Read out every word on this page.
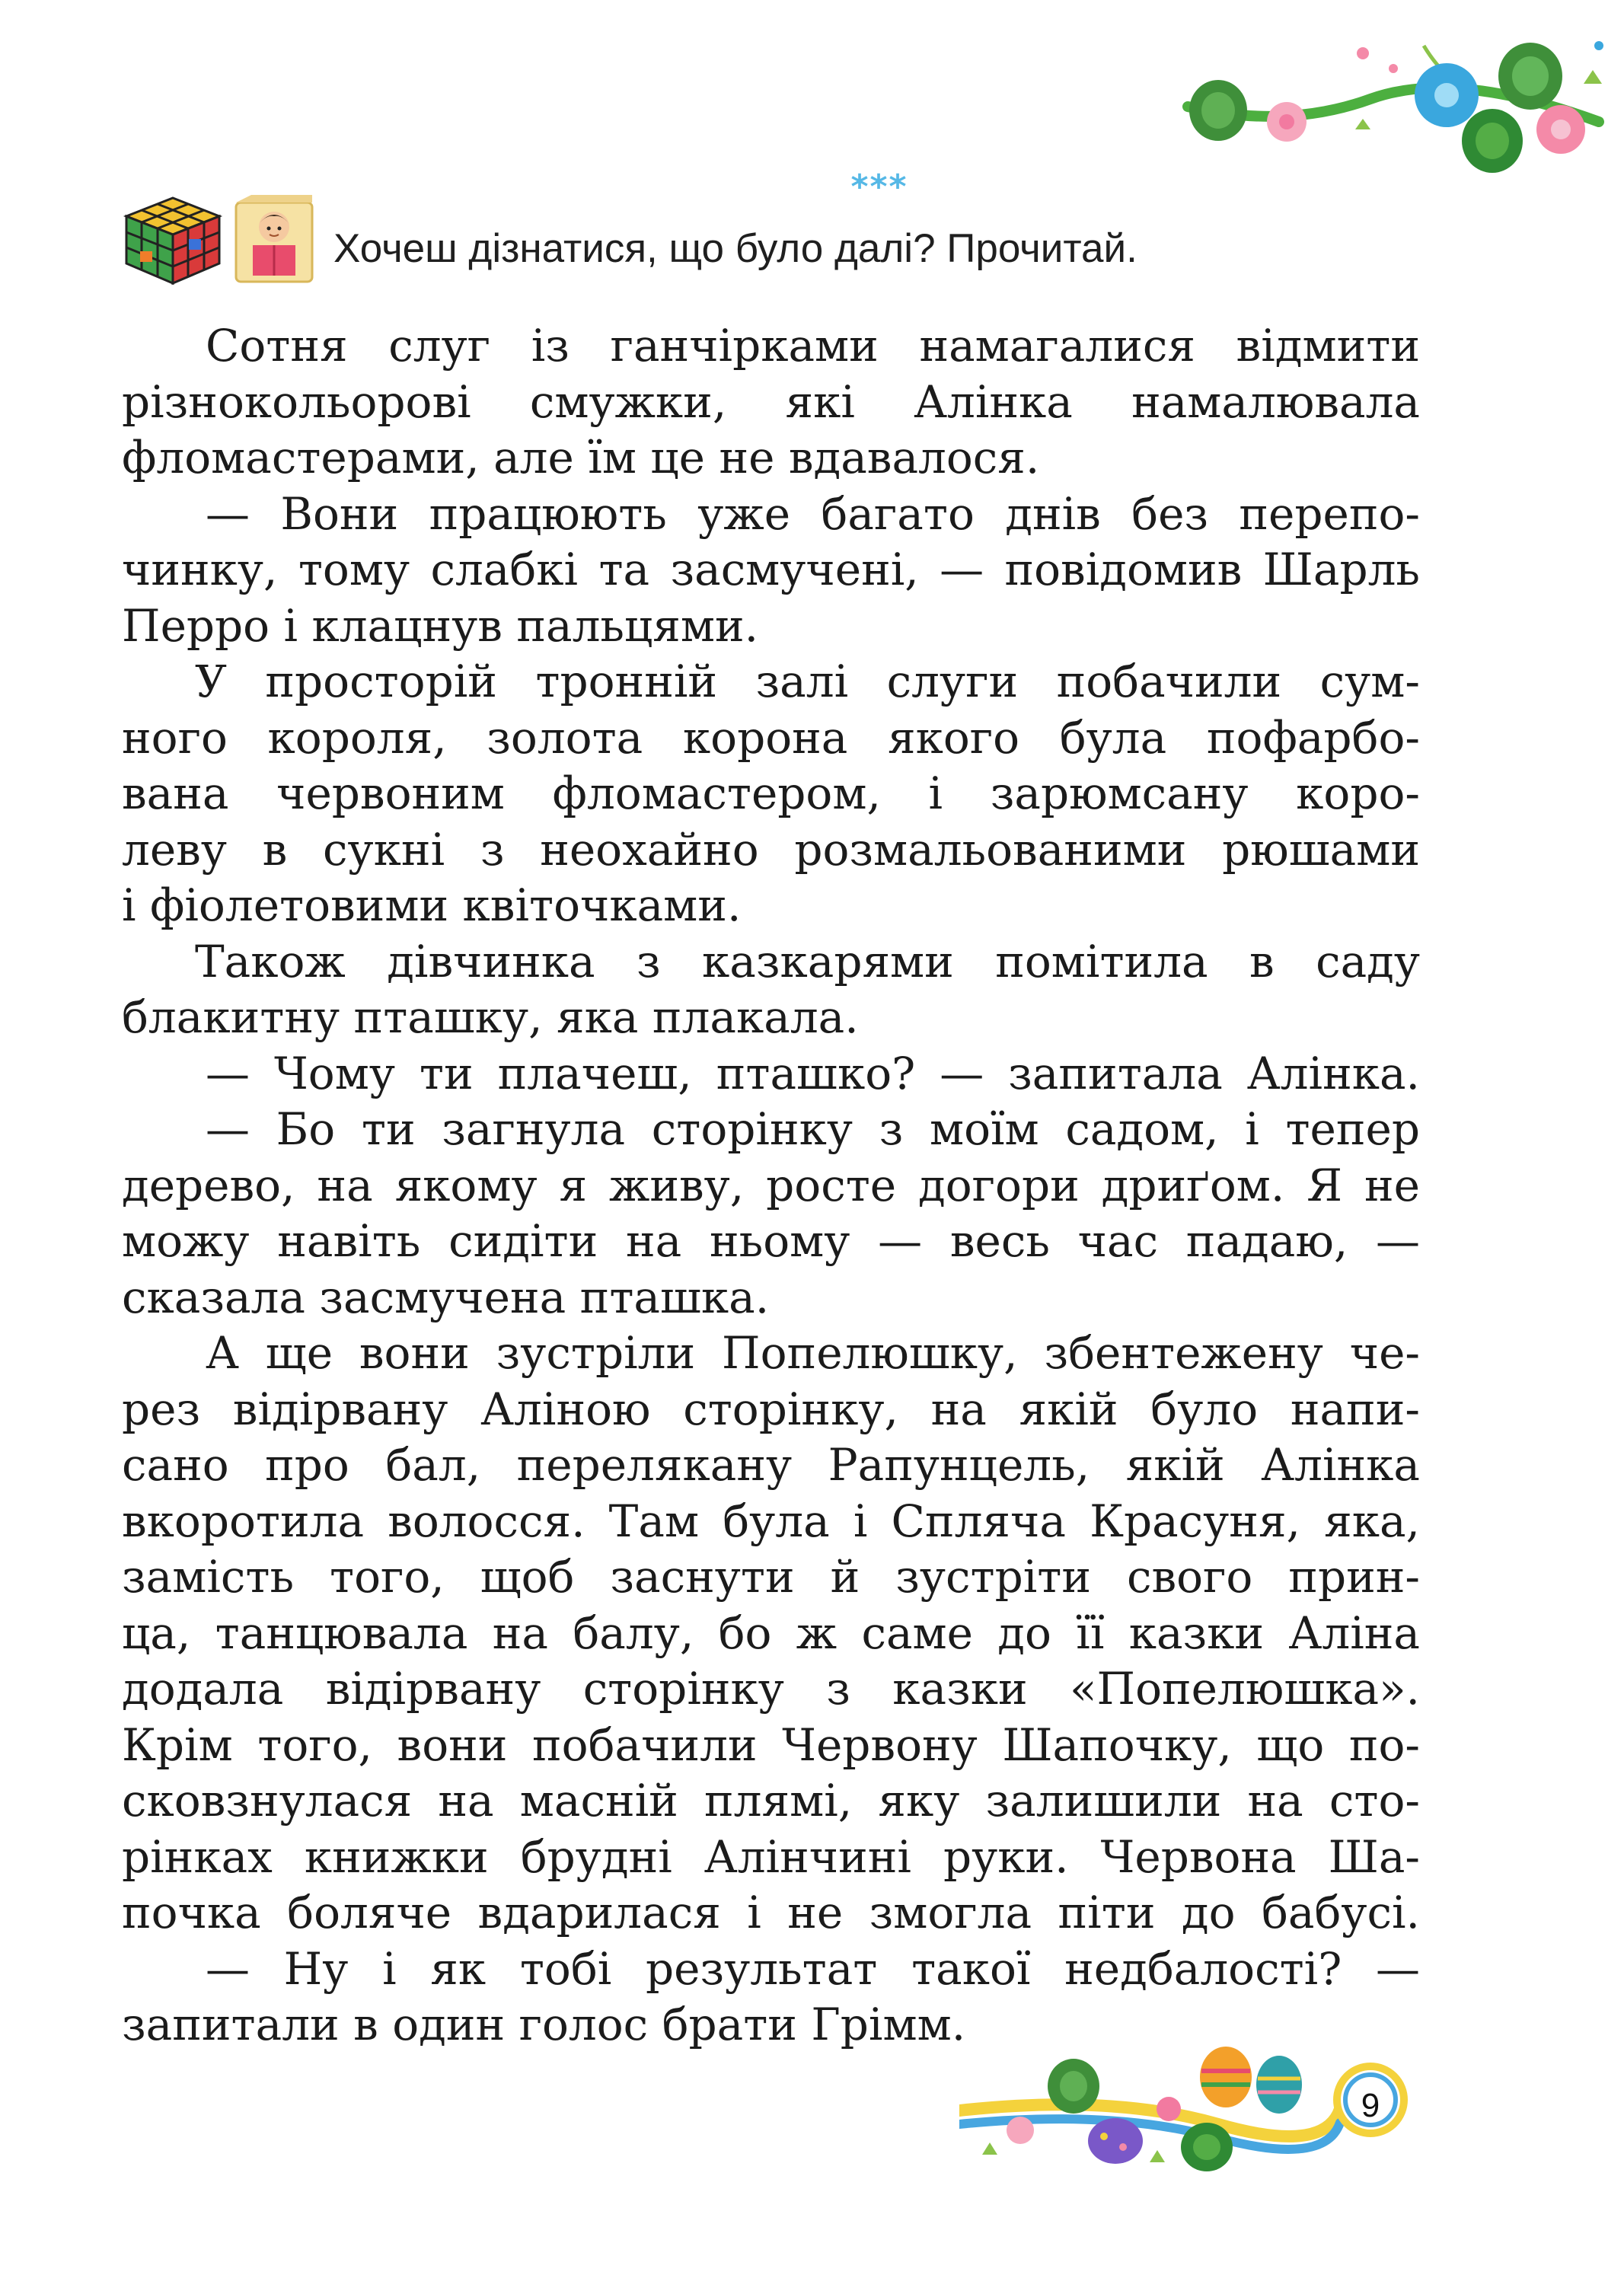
***
Хочеш дізнатися, що було далі? Прочитай.
Сотня слуг із ганчірками намагалися відмити
різнокольорові смужки, які Алінка намалювала
фломастерами, але їм це не вдавалося.
— Вони працюють уже багато днів без перепо-
чинку, тому слабкі та засмучені, — повідомив Шарль
Перро і клацнув пальцями.
У просторій тронній залі слуги побачили сум-
ного короля, золота корона якого була пофарбо-
вана червоним фломастером, і зарюмсану коро-
леву в сукні з неохайно розмальованими рюшами
і фіолетовими квіточками.
Також дівчинка з казкарями помітила в саду
блакитну пташку, яка плакала.
— Чому ти плачеш, пташко? — запитала Алінка.
— Бо ти загнула сторінку з моїм садом, і тепер
дерево, на якому я живу, росте догори дриґом. Я не
можу навіть сидіти на ньому — весь час падаю, —
сказала засмучена пташка.
А ще вони зустріли Попелюшку, збентежену че-
рез відірвану Аліною сторінку, на якій було напи-
сано про бал, перелякану Рапунцель, якій Алінка
вкоротила волосся. Там була і Спляча Красуня, яка,
замість того, щоб заснути й зустріти свого прин-
ца, танцювала на балу, бо ж саме до її казки Аліна
додала відірвану сторінку з казки «Попелюшка».
Крім того, вони побачили Червону Шапочку, що по-
сковзнулася на масній плямі, яку залишили на сто-
рінках книжки брудні Алінчині руки. Червона Ша-
почка боляче вдарилася і не змогла піти до бабусі.
— Ну і як тобі результат такої недбалості? —
запитали в один голос брати Грімм.
9
